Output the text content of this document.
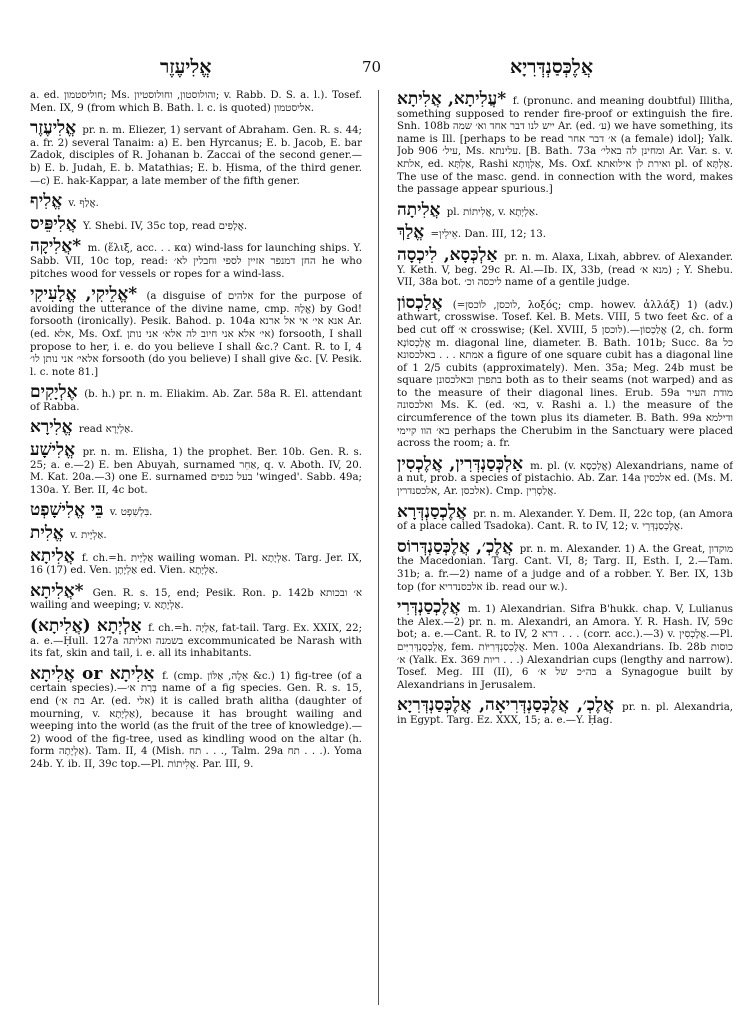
אֱלִיעֶזֶר	70	אֲלֶכְּסַנְדְּרִיָא

a. ed. חוליסטמון; Ms. והולוסטון, וחולוסטיון; v. Rabb. D. S. a. l.). Tosef. Men. IX, 9 (from which B. Bath. l. c. is quoted) אליסטמון.

אֱלִיעֶזֶר pr. n. m. Eliezer, 1) servant of Abraham. Gen. R. s. 44; a. fr. 2) several Tanaim: a) E. ben Hyrcanus; E. b. Jacob, E. bar Zadok, disciples of R. Johanan b. Zaccai of the second gener.—b) E. b. Judah, E. b. Matathias; E. b. Ḥisma, of the third gener.—c) E. hak-Kappar, a late member of the fifth gener.

אֱלִיף v. אֲלַף.

אֲלִיפֵּיס Y. Shebi. IV, 35c top, read אֲלָפִים.

*אֲלִיקָה m. (ἕλιξ, acc. . . κα) wind-lass for launching ships. Y. Sabb. VII, 10c top, read: החן דמנפר אזיין לספי וחבלין לא׳ he who pitches wood for vessels or ropes for a wind-lass.

*אֱלֵיקִי, אֱלָעִיקִי (a disguise of אלהים for the purpose of avoiding the utterance of the divine name, cmp. אֱלָהּ) by God! forsooth (ironically). Pesik. Bahod. p. 104a אנא אי׳ אי אל ארנא Ar. (ed. אלא, Ms. Oxf. אי׳ אלא אני חיוב לה אלא׳ אני נותן) forsooth, I shall propose to her, i. e. do you believe I shall &c.? Cant. R. to I, 4 אלאי׳ אני נותן לו׳ forsooth (do you believe) I shall give &c. [V. Pesik. l. c. note 81.]

אֶלְיָקִים (b. h.) pr. n. m. Eliakim. Ab. Zar. 58a R. El. attendant of Rabba.

אֱלִירָא read אַלְיְרָא.

אֱלִישָׁע pr. n. m. Elisha, 1) the prophet. Ber. 10b. Gen. R. s. 25; a. e.—2) E. ben Abuyah, surnamed אַחֵר, q. v. Aboth. IV, 20. M. Kat. 20a.—3) one E. surnamed בעל כנפים 'winged'. Sabb. 49a; 130a. Y. Ber. II, 4c bot.

בֵּי אֱלִישָׁפְט v. בִּלְשִׁפְט.

אֱלִית v. אַלְיָית.

אֲלִיתָא f. ch.=h. אַלְיָית wailing woman. Pl. אַלְיָתָא. Targ. Jer. IX, 16 (17) ed. Ven. אַלְיָתָן ed. Vien. אַלְיָתָא.

*אֲלִיתָא Gen. R. s. 15, end; Pesik. Ron. p. 142b א׳ ובכותא wailing and weeping; v. אַלְיָתָא.

אַלְיְתָא (אֲלִיתָא) f. ch.=h. אַלְיָה, fat-tail. Targ. Ex. XXIX, 22; a. e.—Ḥull. 127a בשמנה ואליתה excommunicated be Narash with its fat, skin and tail, i. e. all its inhabitants.

אַלִיתָא or אֲלִיתָא f. (cmp. אֵלָה, אַלּוֹן &c.) 1) fig-tree (of a certain species).—בְּרַת א׳ name of a fig species. Gen. R. s. 15, end (בת א׳ Ar. (ed. אלי) it is called brath alitha (daughter of mourning, v. אַלְיָתָא), because it has brought wailing and weeping into the world (as the fruit of the tree of knowledge).—2) wood of the fig-tree, used as kindling wood on the altar (h. form אַלְיָתָה). Tam. II, 4 (Mish. תח . . ., Talm. 29a תח . . .). Yoma 24b. Y. ib. II, 39c top.—Pl. אֲלִיתוֹת. Par. III, 9.

*עֲלִיתָא, אֲלִיתָא f. (pronunc. and meaning doubtful) Illitha, something supposed to render fire-proof or extinguish the fire. Snh. 108b ייש לנו דבר אחד וא׳ שמה Ar. (ed. ע׳) we have something, its name is Ill. [perhaps to be read א׳ דבר אחר (a female) idol]; Yalk. Job 906 עיל׳, Ms. עלינתא. [B. Bath. 73a ומחינן לה באלי׳ Ar. Var. s. v. אלתא, ed. אַלְתָּא, Rashi אַלְוָותָא, Ms. Oxf. ואירת לן אילואתא pl. of אַלְתָּא. The use of the masc. gend. in connection with the word, makes the passage appear spurious.]

אֲלִיתָה pl. אֲלִיתוֹת, v. אַלְיְתָא.

אֱלַךְ =אֵילֵין. Dan. III, 12; 13.

אַלְכְּסָא, לִיכְסָה pr. n. m. Alaxa, Lixah, abbrev. of Alexander. Y. Keth. V, beg. 29c R. Al.—Ib. IX, 33b, (read מנא א׳) ; Y. Shebu. VII, 38a bot. ליכסה וכ׳ name of a gentile judge.

אֲלַכְסוֹן (=לוכסן, לוֹכסן, λοξός; cmp. howev. ἀλλάξ) 1) (adv.) athwart, crosswise. Tosef. Kel. B. Mets. VIII, 5 two feet &c. of a bed cut off א׳ crosswise; (Kel. XVIII, 5 לוכסן).—2) אֲלַכְסוֹן, ch. form אֲלַכְסוֹנָא m. diagonal line, diameter. B. Bath. 101b; Succ. 8a כל אמתא . . . באלכסונא a figure of one square cubit has a diagonal line of 1 2/5 cubits (approximately). Men. 35a; Meg. 24b must be square בתפרן ובאלכסונן both as to their seams (not warped) and as to the measure of their diagonal lines. Erub. 59a מודת העיר ואלכסונה Ms. K. (ed. בא׳, v. Rashi a. l.) the measure of the circumference of the town plus its diameter. B. Bath. 99a ודילמא בא׳ הוו קיימי perhaps the Cherubim in the Sanctuary were placed across the room; a. fr.

אַלְכְּסַנְדְּרִין, אֲלֶכְסִין m. pl. (v. אֲלַכְסָא) Alexandrians, name of a nut, prob. a species of pistachio. Ab. Zar. 14a אלכסין ed. (Ms. M. אלכסנדרין, Ar. אלכסן). Cmp. אֲלַסְרִין.

אֲלֶכְסַנְדְּרָא pr. n. m. Alexander. Y. Dem. II, 22c top, (an Amora of a place called Tsadoka). Cant. R. to IV, 12; v. אֲלֶכְסַנְדְּרֵי.

אֲלֶכְ׳, אֲלֶכְּסַנְדְּרוֹס pr. n. m. Alexander. 1) A. the Great, מוקדון the Macedonian. Targ. Cant. VI, 8; Targ. II, Esth. I, 2.—Tam. 31b; a. fr.—2) name of a judge and of a robber. Y. Ber. IX, 13b top (for אלכסנדריא ib. read our w.).

אֲלֶכְסַנְדְּרִי m. 1) Alexandrian. Sifra B'hukk. chap. V, Lulianus the Alex.—2) pr. n. m. Alexandri, an Amora. Y. R. Hash. IV, 59c bot; a. e.—Cant. R. to IV, 2 דרא . . . (corr. acc.).—3) v. אֲלֶכְסִין.—Pl. אֲלֶכְסַנְדְּרִיִּים, fem. אֲלֶכְסַנְדְּרִיּוֹת. Men. 100a Alexandrians. Ib. 28b כוסות א׳ (Yalk. Ex. 369 ריות . . .) Alexandrian cups (lengthy and narrow). Tosef. Meg. III (II), 6 בה״כ של א׳ a Synagogue built by Alexandrians in Jerusalem.

אֲלֶכְ׳, אֲלֶכְּסַנְדְּרִיאָה, אֲלֶכְּסַנְדְּרִיָא pr. n. pl. Alexandria, in Egypt. Targ. Ez. XXX, 15; a. e.—Y. Ḥag.
